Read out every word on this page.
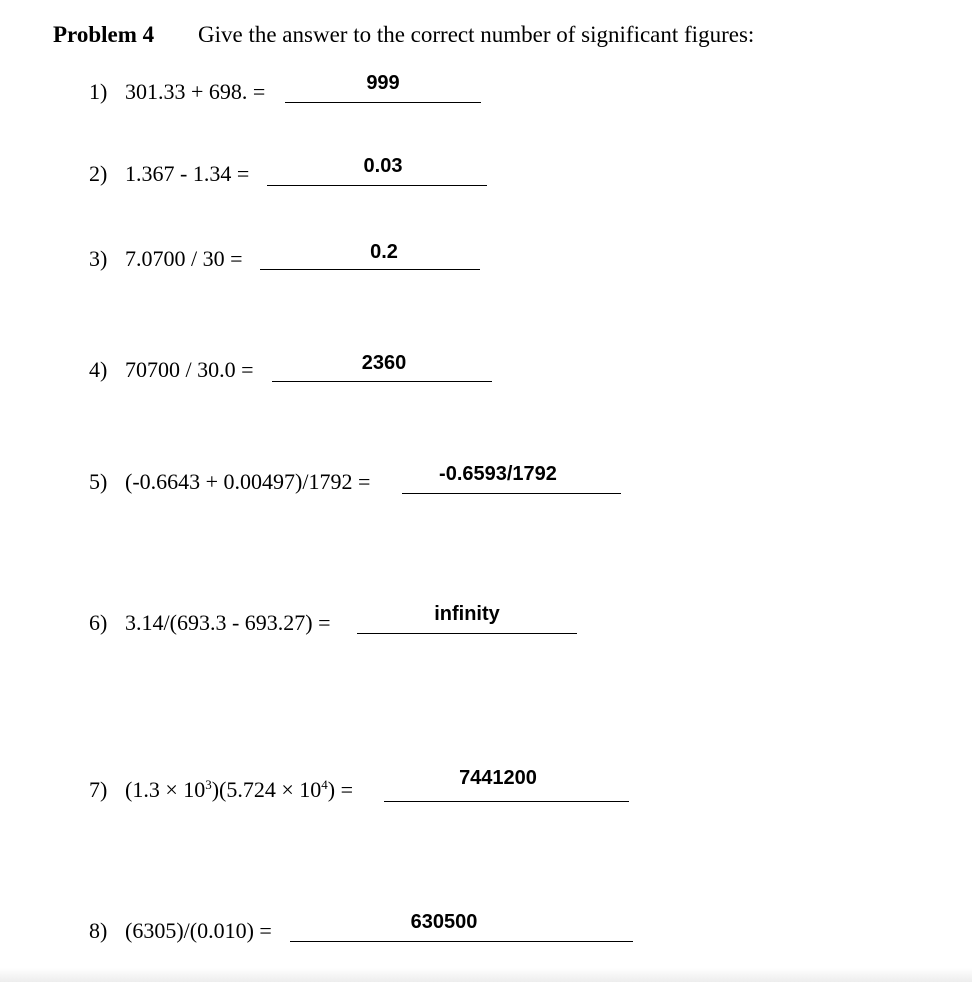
Problem 4 Give the answer to the correct number of significant figures:
1) 301.33 + 698. =	999
2) 1.367 - 1.34 =	0.03
3) 7.0700 / 30 =	0.2
4) 70700 / 30.0 =	2360
5) (-0.6643 + 0.00497)/1792 =	-0.6593/1792
6) 3.14/(693.3 - 693.27) =	infinity
7) $(1.3 \times 10^3)(5.724 \times 10^4)$ =	7441200
8) (6305)/(0.010) =	630500
